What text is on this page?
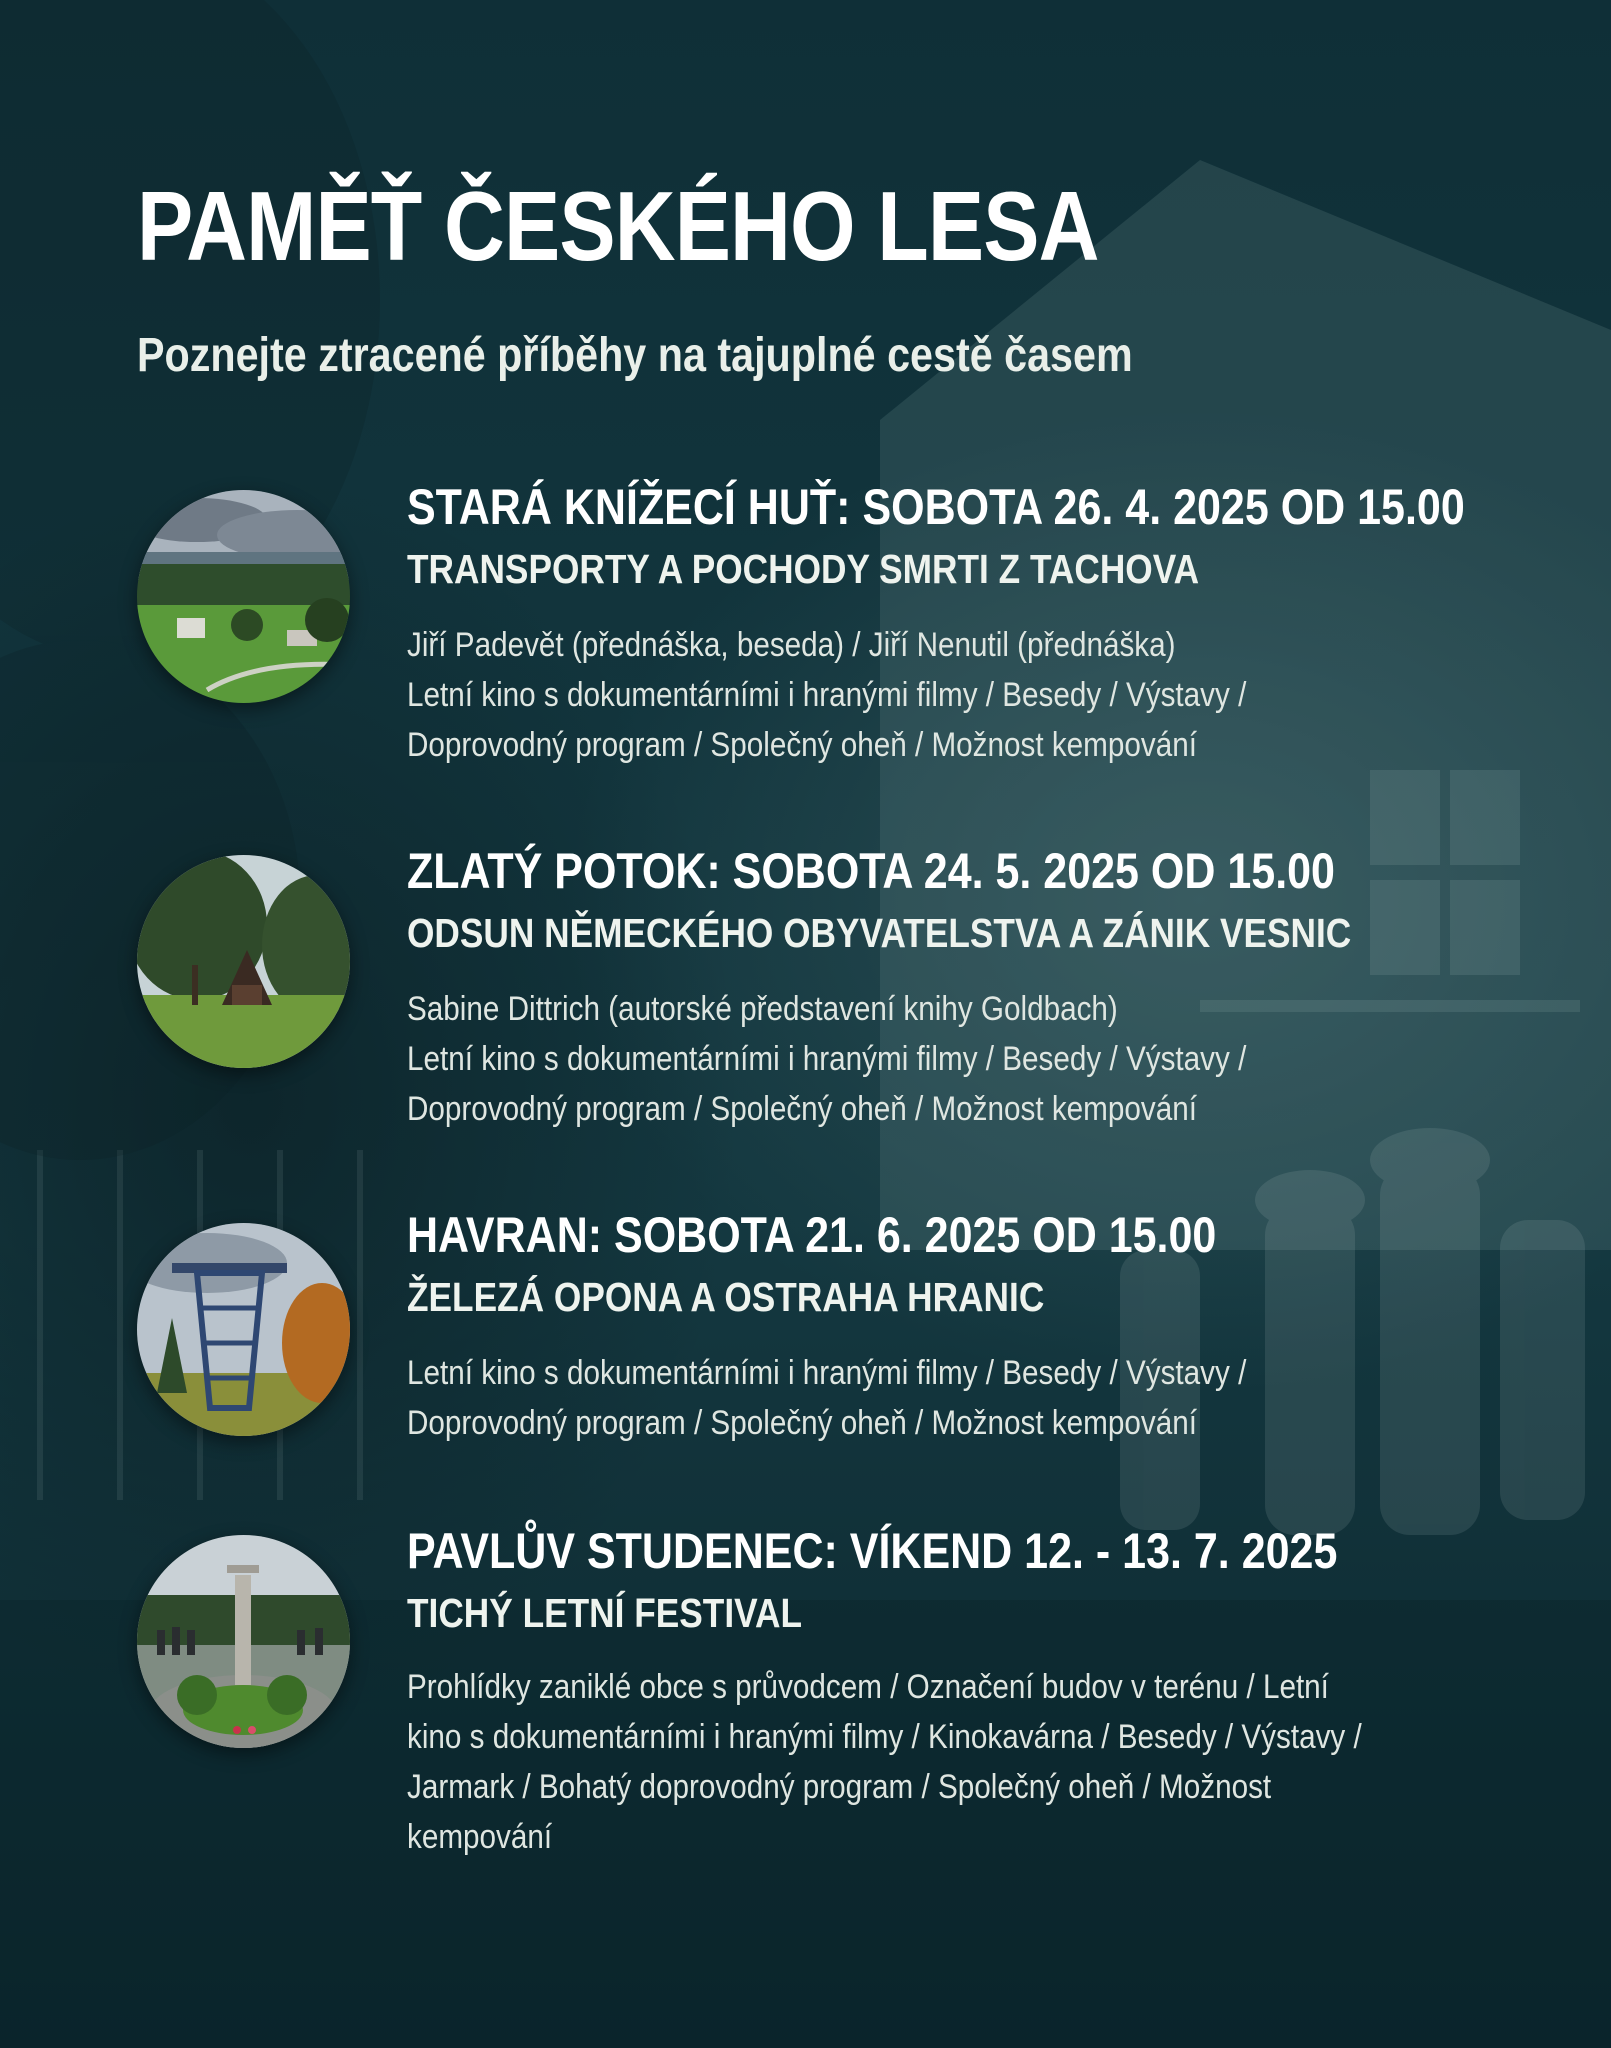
PAMĚŤ ČESKÉHO LESA
Poznejte ztracené příběhy na tajuplné cestě časem
STARÁ KNÍŽECÍ HUŤ: SOBOTA 26. 4. 2025 OD 15.00
TRANSPORTY A POCHODY SMRTI Z TACHOVA

Jiří Padevět (přednáška, beseda) / Jiří Nenutil (přednáška)

Letní kino s dokumentárními i hranými filmy / Besedy / Výstavy /

Doprovodný program / Společný oheň / Možnost kempování

ZLATÝ POTOK: SOBOTA 24. 5. 2025 OD 15.00
ODSUN NĚMECKÉHO OBYVATELSTVA A ZÁNIK VESNIC

Sabine Dittrich (autorské představení knihy Goldbach)

Letní kino s dokumentárními i hranými filmy / Besedy / Výstavy /

Doprovodný program / Společný oheň / Možnost kempování

HAVRAN: SOBOTA 21. 6. 2025 OD 15.00
ŽELEZÁ OPONA A OSTRAHA HRANIC

Letní kino s dokumentárními i hranými filmy / Besedy / Výstavy /

Doprovodný program / Společný oheň / Možnost kempování

PAVLŮV STUDENEC: VÍKEND 12. - 13. 7. 2025
TICHÝ LETNÍ FESTIVAL

Prohlídky zaniklé obce s průvodcem / Označení budov v terénu / Letní

kino s dokumentárními i hranými filmy / Kinokavárna / Besedy / Výstavy /

Jarmark / Bohatý doprovodný program / Společný oheň / Možnost

kempování
